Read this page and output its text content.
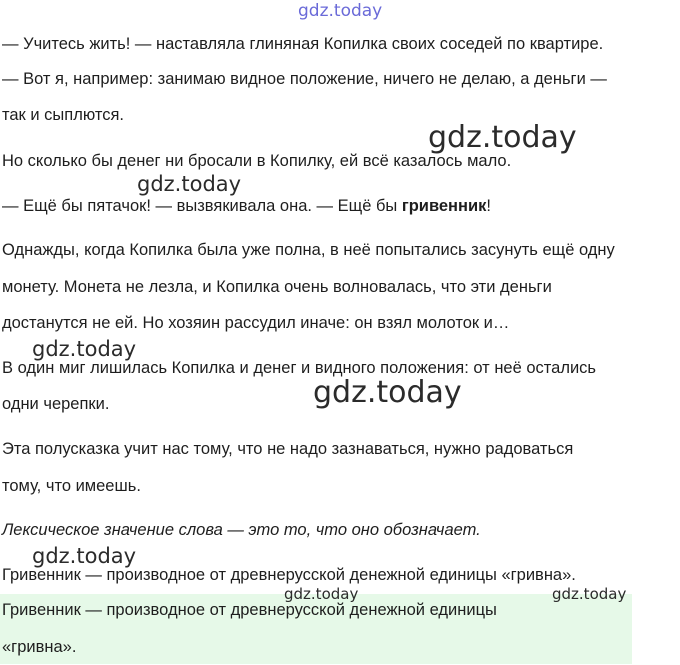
gdz.today
gdz.today
gdz.today
gdz.today
gdz.today
gdz.today
— Учитесь жить! — наставляла глиняная Копилка своих соседей по квартире.
— Вот я, например: занимаю видное положение, ничего не делаю, а деньги —
так и сыплются.
Но сколько бы денег ни бросали в Копилку, ей всё казалось мало.
— Ещё бы пятачок! — вызвякивала она. — Ещё бы гривенник!
Однажды, когда Копилка была уже полна, в неё попытались засунуть ещё одну
монету. Монета не лезла, и Копилка очень волновалась, что эти деньги
достанутся не ей. Но хозяин рассудил иначе: он взял молоток и…
В один миг лишилась Копилка и денег и видного положения: от неё остались
одни черепки.
Эта полусказка учит нас тому, что не надо зазнаваться, нужно радоваться
тому, что имеешь.
Лексическое значение слова — это то, что оно обозначает.
Гривенник — производное от древнерусской денежной единицы «гривна».
Гривенник — производное от древнерусской денежной единицы
«гривна».
gdz.today	gdz.today
